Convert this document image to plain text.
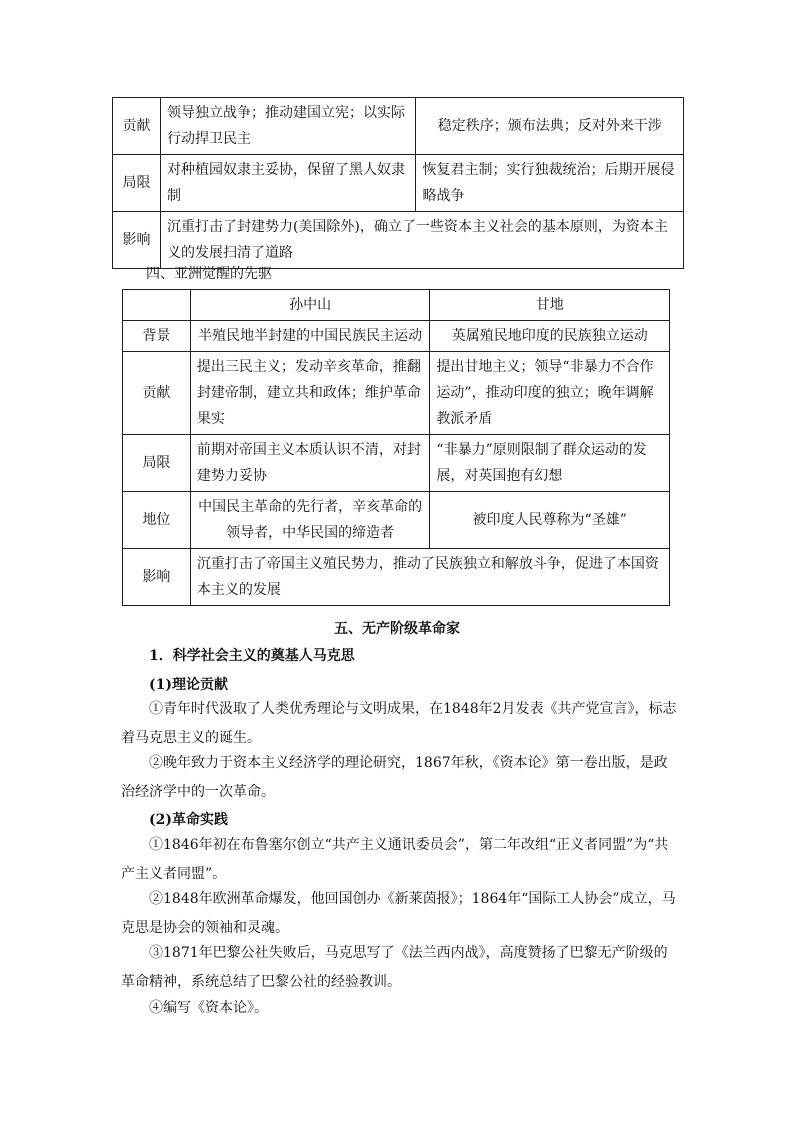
贡献	领导独立战争；推动建国立宪；以实际行动捍卫民主	稳定秩序；颁布法典；反对外来干涉
局限	对种植园奴隶主妥协，保留了黑人奴隶制	恢复君主制；实行独裁统治；后期开展侵略战争
影响	沉重打击了封建势力(美国除外)，确立了一些资本主义社会的基本原则，为资本主义的发展扫清了道路	
四、亚洲觉醒的先驱
	孙中山	甘地
背景	半殖民地半封建的中国民族民主运动	英属殖民地印度的民族独立运动
贡献	提出三民主义；发动辛亥革命，推翻封建帝制，建立共和政体；维护革命果实	提出甘地主义；领导“非暴力不合作运动”，推动印度的独立；晚年调解教派矛盾
局限	前期对帝国主义本质认识不清，对封建势力妥协	“非暴力”原则限制了群众运动的发展，对英国抱有幻想
地位	中国民主革命的先行者，辛亥革命的领导者，中华民国的缔造者	被印度人民尊称为“圣雄”
影响	沉重打击了帝国主义殖民势力，推动了民族独立和解放斗争，促进了本国资本主义的发展	
五、无产阶级革命家
1．科学社会主义的奠基人马克思
(1)理论贡献
①青年时代汲取了人类优秀理论与文明成果，在1848年2月发表《共产党宣言》，标志着马克思主义的诞生。
②晚年致力于资本主义经济学的理论研究，1867年秋，《资本论》第一卷出版，是政治经济学中的一次革命。
(2)革命实践
①1846年初在布鲁塞尔创立“共产主义通讯委员会”，第二年改组“正义者同盟”为“共产主义者同盟”。
②1848年欧洲革命爆发，他回国创办《新莱茵报》；1864年“国际工人协会”成立，马克思是协会的领袖和灵魂。
③1871年巴黎公社失败后，马克思写了《法兰西内战》，高度赞扬了巴黎无产阶级的革命精神，系统总结了巴黎公社的经验教训。
④编写《资本论》。
